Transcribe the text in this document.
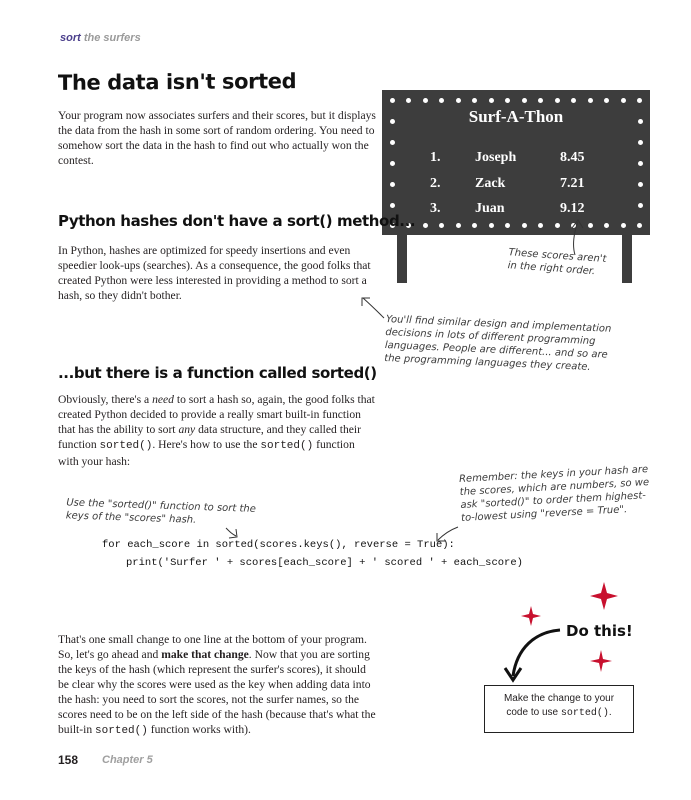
sort the surfers
The data isn't sorted
Your program now associates surfers and their scores, but it displays the data from the hash in some sort of random ordering. You need to somehow sort the data in the hash to find out who actually won the contest.
Surf-A-Thon
1. Joseph	8.45
2. Zack	7.21
3. Juan	9.12
These scores aren't in the right order.
Python hashes don't have a sort() method...
In Python, hashes are optimized for speedy insertions and even speedier look-ups (searches). As a consequence, the good folks that created Python were less interested in providing a method to sort a hash, so they didn't bother.
You'll find similar design and implementation decisions in lots of different programming languages. People are different... and so are the programming languages they create.
...but there is a function called sorted()
Obviously, there's a need to sort a hash so, again, the good folks that created Python decided to provide a really smart built-in function that has the ability to sort any data structure, and they called their function sorted(). Here's how to use the sorted() function with your hash:
Remember: the keys in your hash are the scores, which are numbers, so we ask "sorted()" to order them highest-to-lowest using "reverse = True".
Use the "sorted()" function to sort the keys of the "scores" hash.
for each_score in sorted(scores.keys(), reverse = True):
print('Surfer ' + scores[each_score] + ' scored ' + each_score)
That's one small change to one line at the bottom of your program. So, let's go ahead and make that change. Now that you are sorting the keys of the hash (which represent the surfer's scores), it should be clear why the scores were used as the key when adding data into the hash: you need to sort the scores, not the surfer names, so the scores need to be on the left side of the hash (because that's what the built-in sorted() function works with).
Do this!
Make the change to your code to use sorted().
158 Chapter 5
